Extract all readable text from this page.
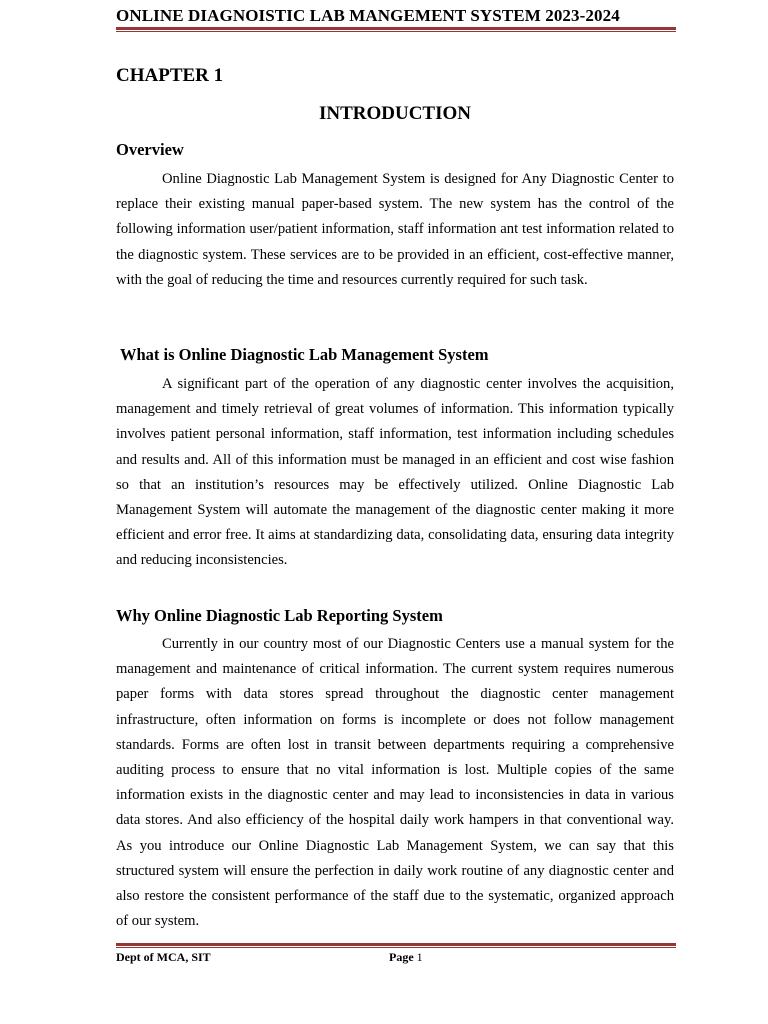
ONLINE DIAGNOISTIC LAB MANGEMENT SYSTEM 2023-2024
CHAPTER 1
INTRODUCTION
Overview

Online Diagnostic Lab Management System is designed for Any Diagnostic Center to replace their existing manual paper-based system. The new system has the control of the following information user/patient information, staff information ant test information related to the diagnostic system. These services are to be provided in an efficient, cost-effective manner, with the goal of reducing the time and resources currently required for such task.

What is Online Diagnostic Lab Management System

A significant part of the operation of any diagnostic center involves the acquisition, management and timely retrieval of great volumes of information. This information typically involves patient personal information, staff information, test information including schedules and results and. All of this information must be managed in an efficient and cost wise fashion so that an institution’s resources may be effectively utilized. Online Diagnostic Lab Management System will automate the management of the diagnostic center making it more efficient and error free. It aims at standardizing data, consolidating data, ensuring data integrity and reducing inconsistencies.

Why Online Diagnostic Lab Reporting System

Currently in our country most of our Diagnostic Centers use a manual system for the management and maintenance of critical information. The current system requires numerous paper forms with data stores spread throughout the diagnostic center management infrastructure, often information on forms is incomplete or does not follow management standards. Forms are often lost in transit between departments requiring a comprehensive auditing process to ensure that no vital information is lost. Multiple copies of the same information exists in the diagnostic center and may lead to inconsistencies in data in various data stores. And also efficiency of the hospital daily work hampers in that conventional way. As you introduce our Online Diagnostic Lab Management System, we can say that this structured system will ensure the perfection in daily work routine of any diagnostic center and also restore the consistent performance of the staff due to the systematic, organized approach of our system.

Dept of MCA, SIT	Page 1
